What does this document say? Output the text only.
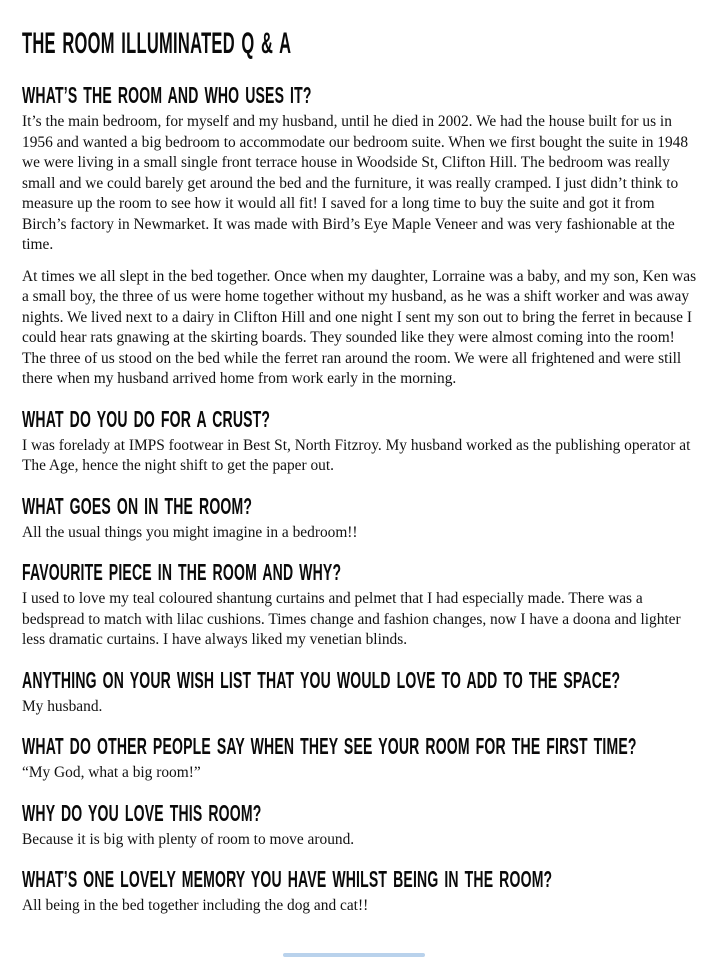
THE ROOM ILLUMINATED Q & A
WHAT’S THE ROOM AND WHO USES IT?

It’s the main bedroom, for myself and my husband, until he died in 2002. We had the house built for us in 1956 and wanted a big bedroom to accommodate our bedroom suite. When we first bought the suite in 1948 we were living in a small single front terrace house in Woodside St, Clifton Hill. The bedroom was really small and we could barely get around the bed and the furniture, it was really cramped. I just didn’t think to measure up the room to see how it would all fit! I saved for a long time to buy the suite and got it from Birch’s factory in Newmarket. It was made with Bird’s Eye Maple Veneer and was very fashionable at the time.

At times we all slept in the bed together. Once when my daughter, Lorraine was a baby, and my son, Ken was a small boy, the three of us were home together without my husband, as he was a shift worker and was away nights. We lived next to a dairy in Clifton Hill and one night I sent my son out to bring the ferret in because I could hear rats gnawing at the skirting boards. They sounded like they were almost coming into the room! The three of us stood on the bed while the ferret ran around the room. We were all frightened and were still there when my husband arrived home from work early in the morning.

WHAT DO YOU DO FOR A CRUST?

I was forelady at IMPS footwear in Best St, North Fitzroy. My husband worked as the publishing operator at The Age, hence the night shift to get the paper out.

WHAT GOES ON IN THE ROOM?

All the usual things you might imagine in a bedroom!!

FAVOURITE PIECE IN THE ROOM AND WHY?

I used to love my teal coloured shantung curtains and pelmet that I had especially made. There was a bedspread to match with lilac cushions. Times change and fashion changes, now I have a doona and lighter less dramatic curtains. I have always liked my venetian blinds.

ANYTHING ON YOUR WISH LIST THAT YOU WOULD LOVE TO ADD TO THE SPACE?

My husband.

WHAT DO OTHER PEOPLE SAY WHEN THEY SEE YOUR ROOM FOR THE FIRST TIME?

“My God, what a big room!”

WHY DO YOU LOVE THIS ROOM?

Because it is big with plenty of room to move around.

WHAT’S ONE LOVELY MEMORY YOU HAVE WHILST BEING IN THE ROOM?

All being in the bed together including the dog and cat!!
